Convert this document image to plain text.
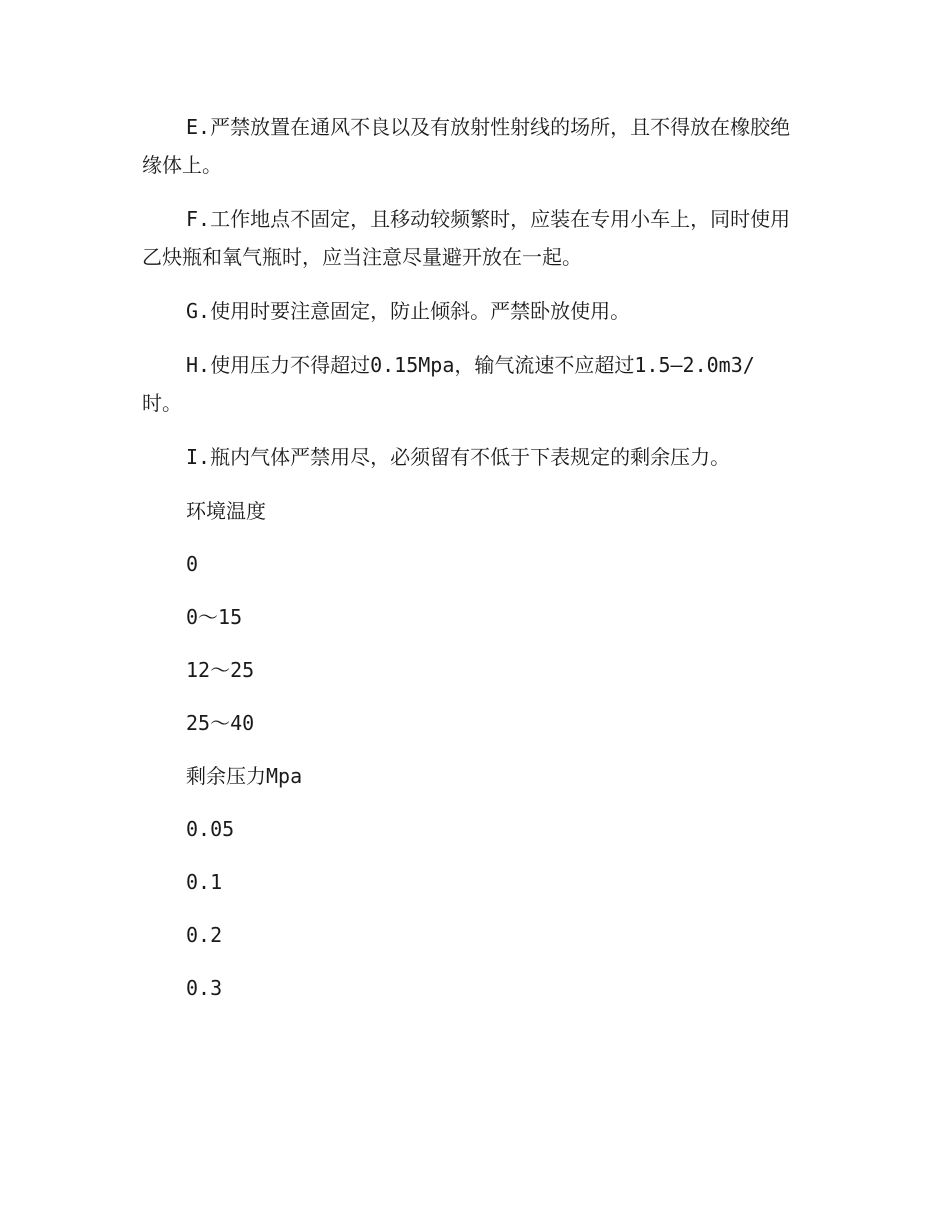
E.严禁放置在通风不良以及有放射性射线的场所，且不得放在橡胶绝缘体上。

F.工作地点不固定，且移动较频繁时，应装在专用小车上，同时使用乙炔瓶和氧气瓶时，应当注意尽量避开放在一起。

G.使用时要注意固定，防止倾斜。严禁卧放使用。

H.使用压力不得超过0.15Mpa，输气流速不应超过1.5—2.0m3/时。

I.瓶内气体严禁用尽，必须留有不低于下表规定的剩余压力。

环境温度

0

0～15

12～25

25～40

剩余压力Mpa

0.05

0.1

0.2

0.3
